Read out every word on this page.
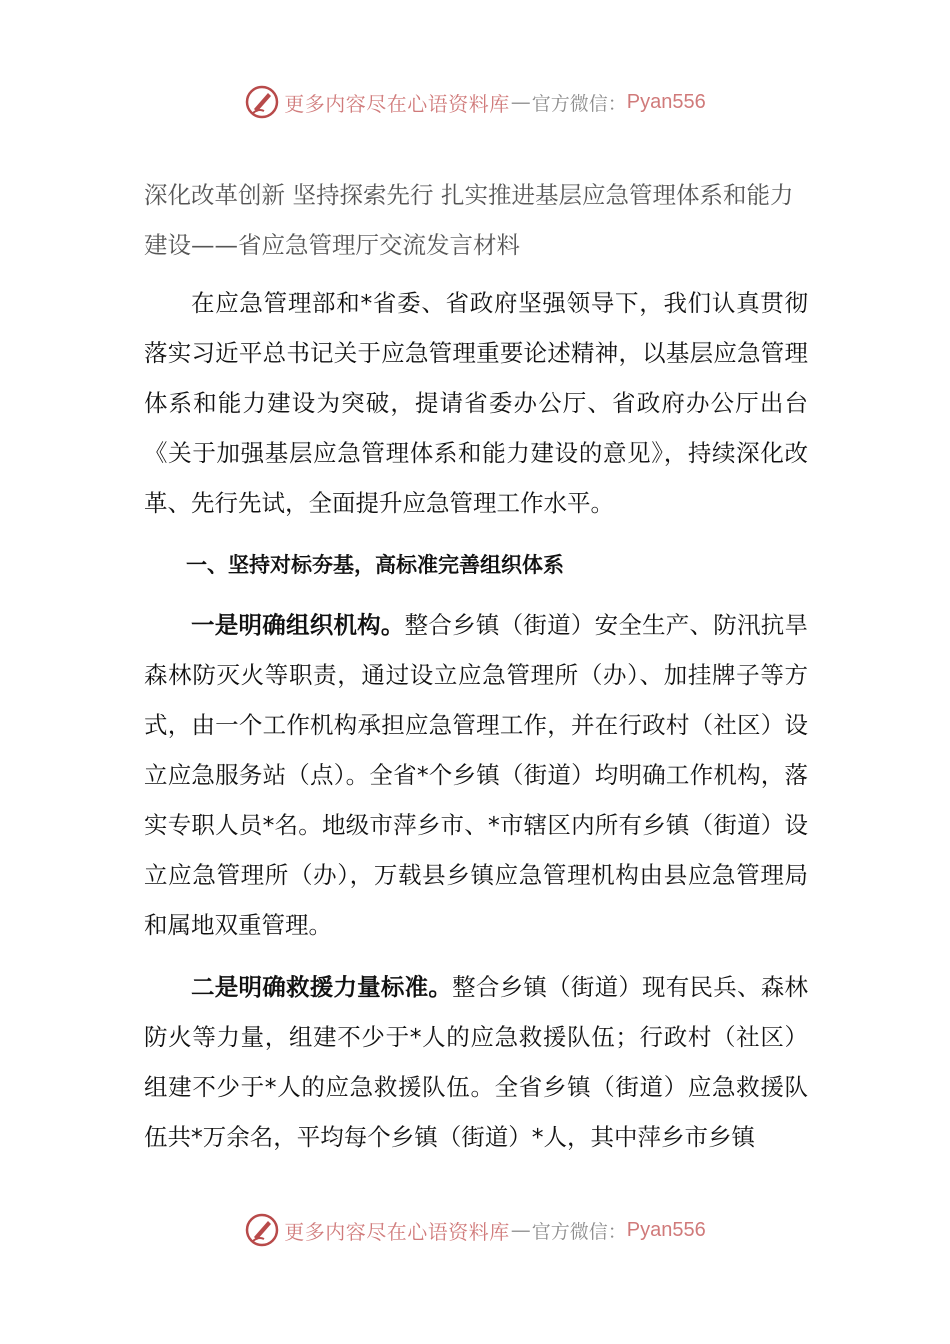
更多内容尽在心语资料库 — 官方微信： Pyan556
深化改革创新 坚持探索先行 扎实推进基层应急管理体系和能力建设——省应急管理厅交流发言材料

在应急管理部和*省委、省政府坚强领导下，我们认真贯彻落实习近平总书记关于应急管理重要论述精神，以基层应急管理体系和能力建设为突破，提请省委办公厅、省政府办公厅出台《关于加强基层应急管理体系和能力建设的意见》，持续深化改革、先行先试，全面提升应急管理工作水平。

一、坚持对标夯基，高标准完善组织体系

一是明确组织机构。整合乡镇（街道）安全生产、防汛抗旱森林防灭火等职责，通过设立应急管理所（办）、加挂牌子等方式，由一个工作机构承担应急管理工作，并在行政村（社区）设立应急服务站（点）。全省*个乡镇（街道）均明确工作机构，落实专职人员*名。地级市萍乡市、*市辖区内所有乡镇（街道）设立应急管理所（办），万载县乡镇应急管理机构由县应急管理局和属地双重管理。

二是明确救援力量标准。整合乡镇（街道）现有民兵、森林防火等力量，组建不少于*人的应急救援队伍；行政村（社区）组建不少于*人的应急救援队伍。全省乡镇（街道）应急救援队伍共*万余名，平均每个乡镇（街道）*人，其中萍乡市乡镇

更多内容尽在心语资料库 — 官方微信： Pyan556
